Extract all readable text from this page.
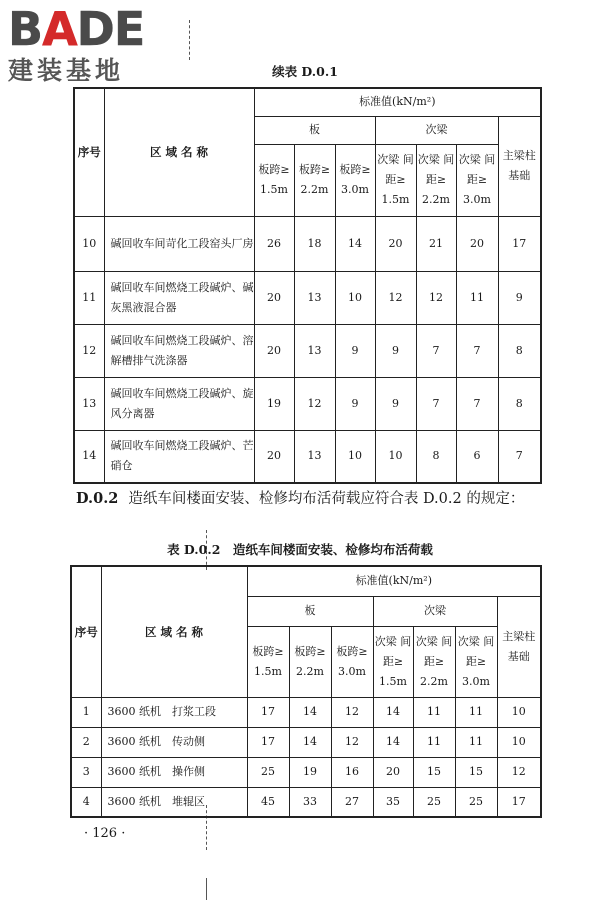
BADE
建装基地	续表 D.0.1
序号	区 域 名 称	标准值(kN/m²)						
		板			次梁			主梁柱基础
		板跨≥ 1.5m	板跨≥ 2.2m	板跨≥ 3.0m	次梁 间距≥ 1.5m	次梁 间距≥ 2.2m	次梁 间距≥ 3.0m	
10	碱回收车间苛化工段窑头厂房	26	18	14	20	21	20	17
11	碱回收车间燃烧工段碱炉、碱灰黑液混合器	20	13	10	12	12	11	9
12	碱回收车间燃烧工段碱炉、溶解槽排气洗涤器	20	13	9	9	7	7	8
13	碱回收车间燃烧工段碱炉、旋风分离器	19	12	9	9	7	7	8
14	碱回收车间燃烧工段碱炉、芒硝仓	20	13	10	10	8	6	7
D.0.2 造纸车间楼面安装、检修均布活荷载应符合表 D.0.2 的规定：
表 D.0.2　造纸车间楼面安装、检修均布活荷载
序号	区 域 名 称	标准值(kN/m²)						
		板			次梁			主梁柱基础
		板跨≥ 1.5m	板跨≥ 2.2m	板跨≥ 3.0m	次梁 间距≥ 1.5m	次梁 间距≥ 2.2m	次梁 间距≥ 3.0m	
1	3600 纸机　打浆工段	17	14	12	14	11	11	10
2	3600 纸机　传动侧	17	14	12	14	11	11	10
3	3600 纸机　操作侧	25	19	16	20	15	15	12
4	3600 纸机　堆辊区	45	33	27	35	25	25	17
· 126 ·
